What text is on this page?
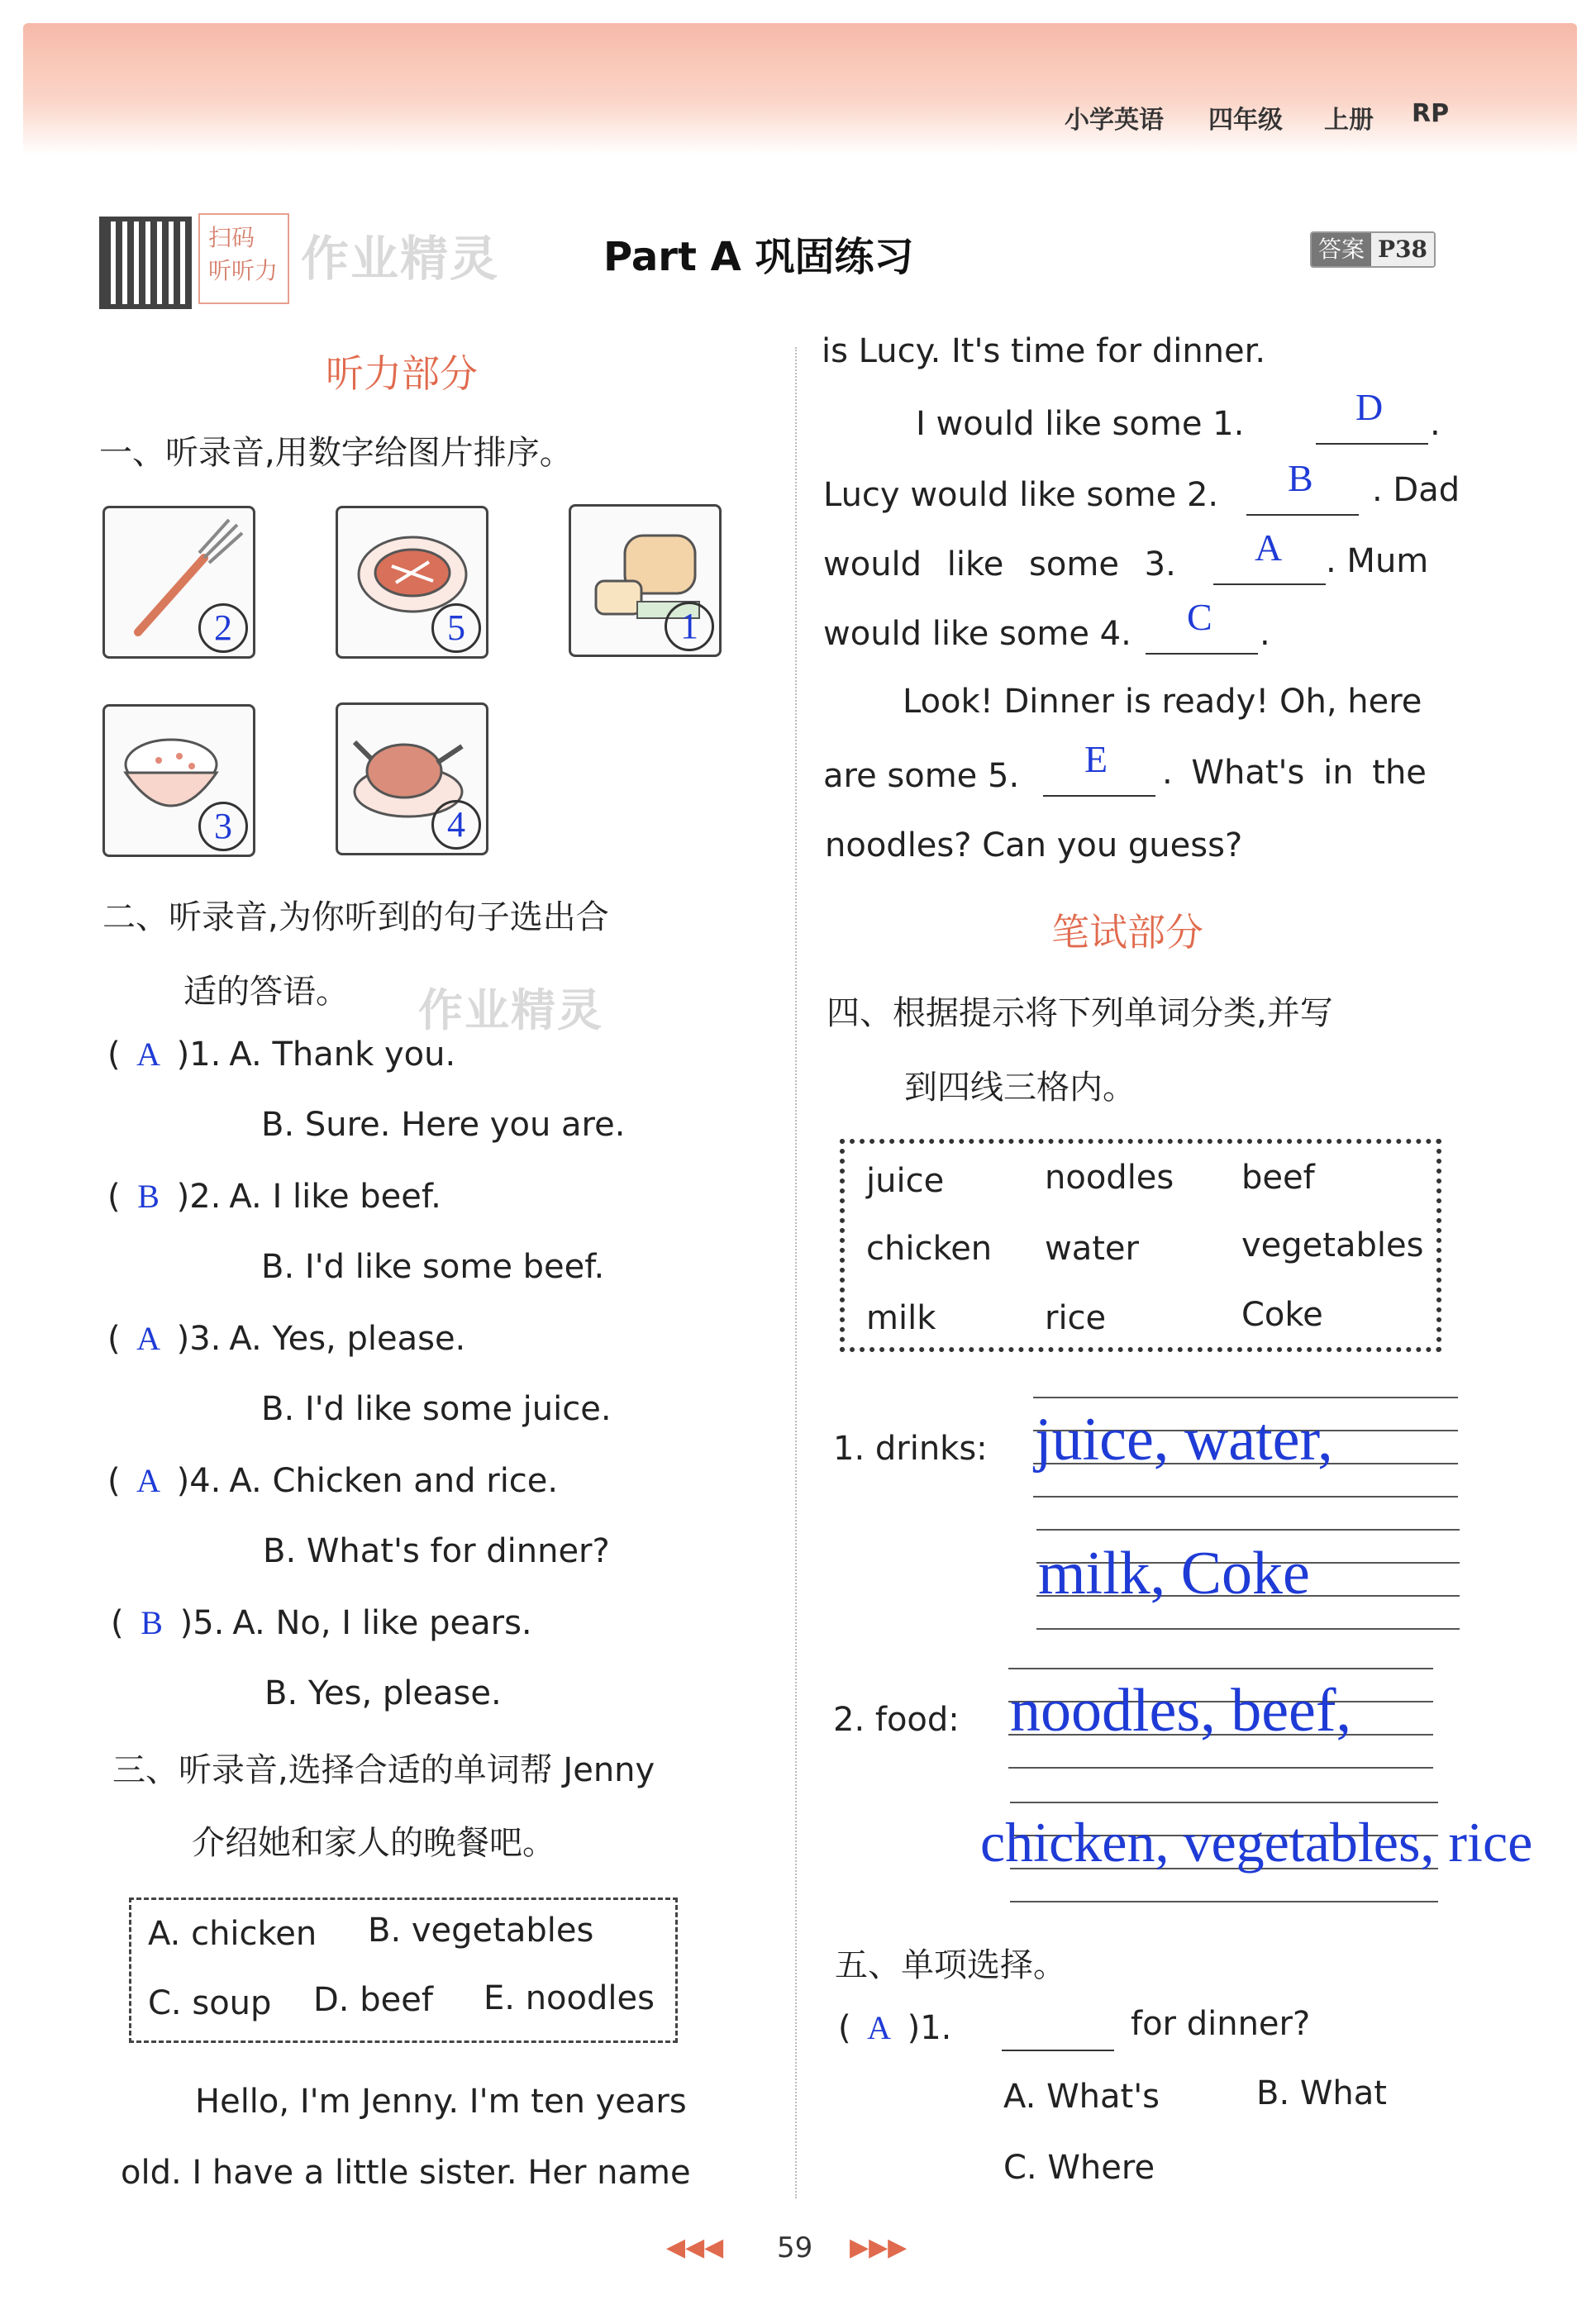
小学英语 四年级 上册 RP
扫码
听听力 作业精灵	Part A 巩固练习	答案 P38
听力部分
一、听录音,用数字给图片排序。
2	5	1
3	4
二、听录音,为你听到的句子选出合
适的答语。 作业精灵
( A )1. A. Thank you.
B. Sure. Here you are.
( B )2. A. I like beef.
B. I'd like some beef.
( A )3. A. Yes, please.
B. I'd like some juice.
( A )4. A. Chicken and rice.
B. What's for dinner?
( B )5. A. No, I like pears.
B. Yes, please.
三、听录音,选择合适的单词帮 Jenny
介绍她和家人的晚餐吧。
A. chicken B. vegetables
C. soup D. beef E. noodles
Hello, I'm Jenny. I'm ten years
old. I have a little sister. Her name
is Lucy. It's time for dinner.
I would like some 1.	D .
Lucy would like some 2. B . Dad
would like some 3. A . Mum
would like some 4. C .
Look! Dinner is ready! Oh, here
are some 5. E . What's in the
noodles? Can you guess?
笔试部分
四、根据提示将下列单词分类,并写
到四线三格内。
juice	noodles beef
chicken water	vegetables
milk	rice	Coke
1. drinks: juice, water,
milk, Coke
2. food: noodles, beef,
chicken, vegetables, rice
五、单项选择。
( A )1.	for dinner?
A. What's	B. What
C. Where
◀◀◀ 59 ▶▶▶
